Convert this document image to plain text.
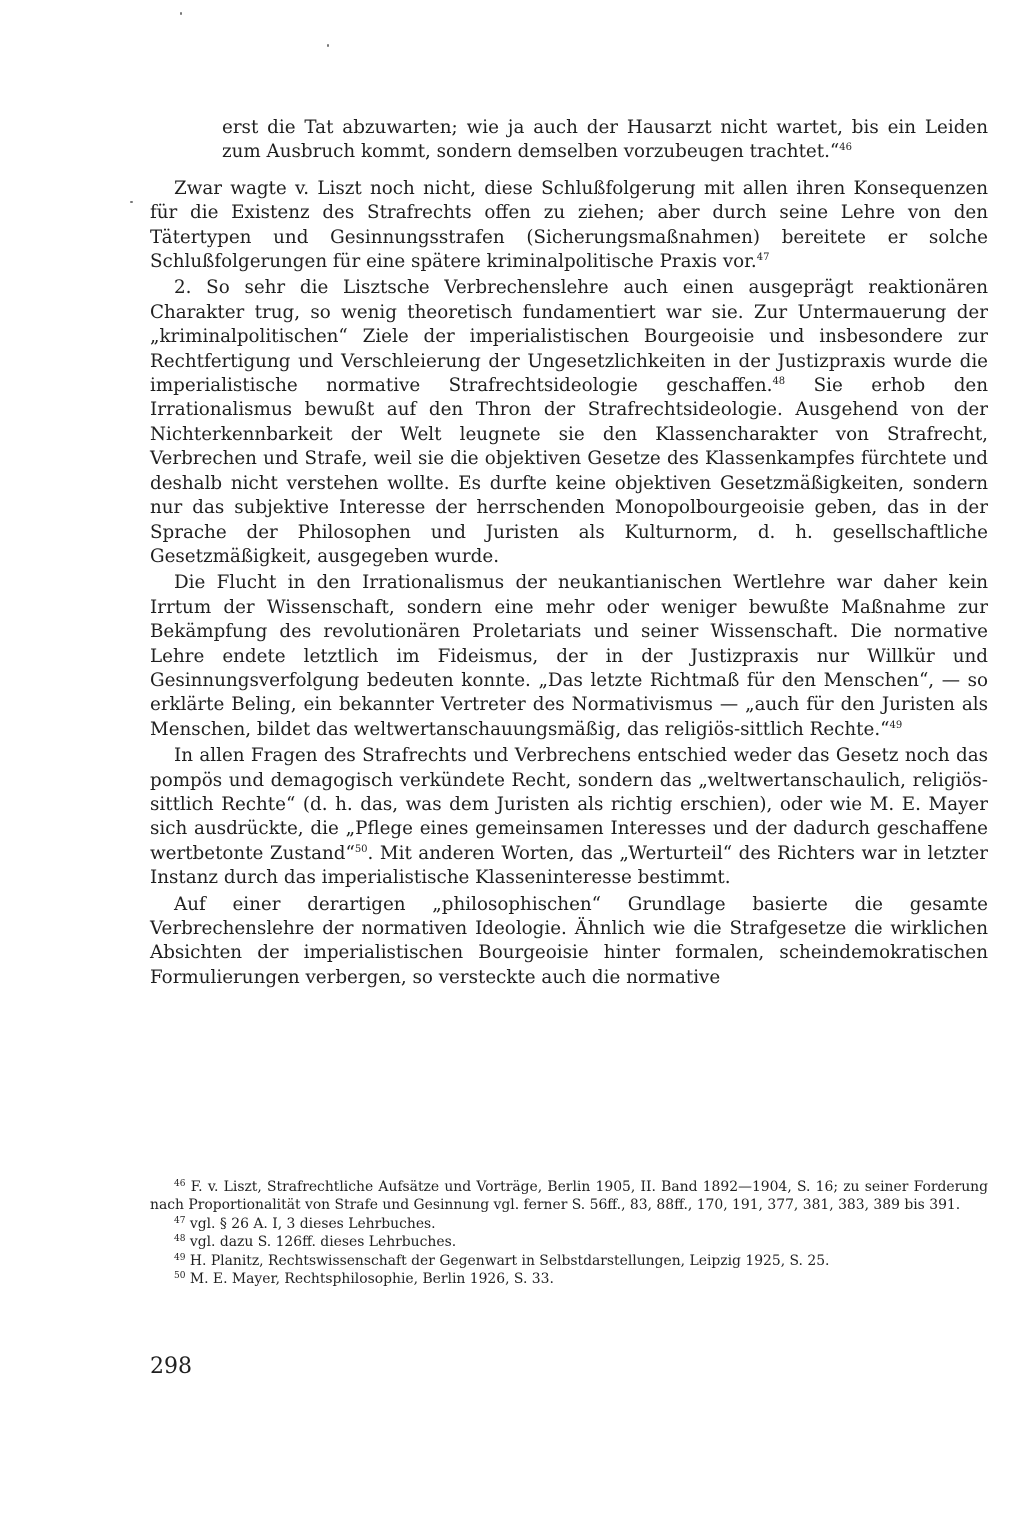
erst die Tat abzuwarten; wie ja auch der Hausarzt nicht wartet, bis ein Leiden zum Ausbruch kommt, sondern demselben vorzubeugen trachtet.“$^{46}$

Zwar wagte v. Liszt noch nicht, diese Schlußfolgerung mit allen ihren Konsequenzen für die Existenz des Strafrechts offen zu ziehen; aber durch seine Lehre von den Tätertypen und Gesinnungsstrafen (Sicherungsmaßnahmen) bereitete er solche Schlußfolgerungen für eine spätere kriminalpolitische Praxis vor.$^{47}$

2. So sehr die Lisztsche Verbrechenslehre auch einen ausgeprägt reaktionären Charakter trug, so wenig theoretisch fundamentiert war sie. Zur Untermauerung der „kriminalpolitischen“ Ziele der imperialistischen Bourgeoisie und insbesondere zur Rechtfertigung und Verschleierung der Ungesetzlichkeiten in der Justizpraxis wurde die imperialistische normative Strafrechtsideologie geschaffen.$^{48}$ Sie erhob den Irrationalismus bewußt auf den Thron der Strafrechtsideologie. Ausgehend von der Nichterkennbarkeit der Welt leugnete sie den Klassencharakter von Strafrecht, Verbrechen und Strafe, weil sie die objektiven Gesetze des Klassenkampfes fürchtete und deshalb nicht verstehen wollte. Es durfte keine objektiven Gesetzmäßigkeiten, sondern nur das subjektive Interesse der herrschenden Monopolbourgeoisie geben, das in der Sprache der Philosophen und Juristen als Kulturnorm, d. h. gesellschaftliche Gesetzmäßigkeit, ausgegeben wurde.

Die Flucht in den Irrationalismus der neukantianischen Wertlehre war daher kein Irrtum der Wissenschaft, sondern eine mehr oder weniger bewußte Maßnahme zur Bekämpfung des revolutionären Proletariats und seiner Wissenschaft. Die normative Lehre endete letztlich im Fideismus, der in der Justizpraxis nur Willkür und Gesinnungsverfolgung bedeuten konnte. „Das letzte Richtmaß für den Menschen“, — so erklärte Beling, ein bekannter Vertreter des Normativismus — „auch für den Juristen als Menschen, bildet das weltwertanschauungsmäßig, das religiös-sittlich Rechte.“$^{49}$

In allen Fragen des Strafrechts und Verbrechens entschied weder das Gesetz noch das pompös und demagogisch verkündete Recht, sondern das „weltwertanschaulich, religiös-sittlich Rechte“ (d. h. das, was dem Juristen als richtig erschien), oder wie M. E. Mayer sich ausdrückte, die „Pflege eines gemeinsamen Interesses und der dadurch geschaffene wertbetonte Zustand“$^{50}$. Mit anderen Worten, das „Werturteil“ des Richters war in letzter Instanz durch das imperialistische Klasseninteresse bestimmt.

Auf einer derartigen „philosophischen“ Grundlage basierte die gesamte Verbrechenslehre der normativen Ideologie. Ähnlich wie die Strafgesetze die wirklichen Absichten der imperialistischen Bourgeoisie hinter formalen, scheindemokratischen Formulierungen verbergen, so versteckte auch die normative

$^{46}$ F. v. Liszt, Strafrechtliche Aufsätze und Vorträge, Berlin 1905, II. Band 1892—1904, S. 16; zu seiner Forderung nach Proportionalität von Strafe und Gesinnung vgl. ferner S. 56ff., 83, 88ff., 170, 191, 377, 381, 383, 389 bis 391.

$^{47}$ vgl. § 26 A. I, 3 dieses Lehrbuches.

$^{48}$ vgl. dazu S. 126ff. dieses Lehrbuches.

$^{49}$ H. Planitz, Rechtswissenschaft der Gegenwart in Selbstdarstellungen, Leipzig 1925, S. 25.

$^{50}$ M. E. Mayer, Rechtsphilosophie, Berlin 1926, S. 33.

298
